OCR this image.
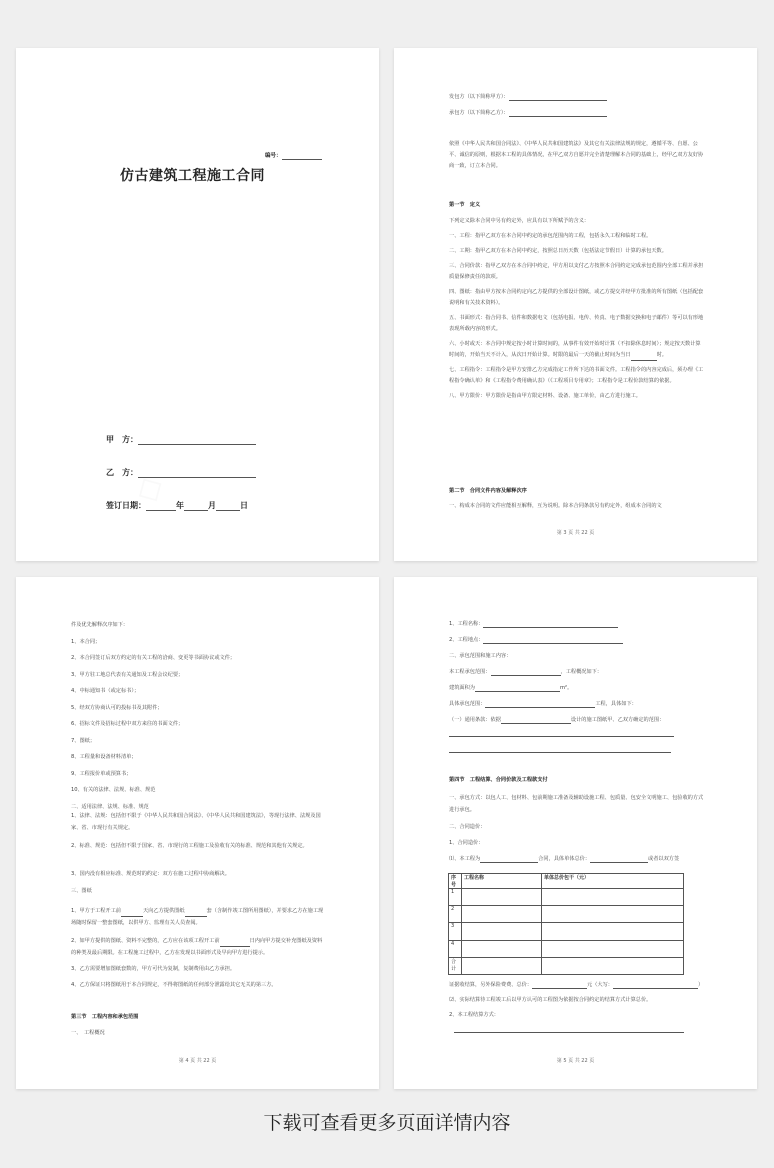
编号：
仿古建筑工程施工合同
甲　方：
乙　方：
签订日期：	年	月	日
发包方（以下简称甲方）：
承包方（以下简称乙方）：
依照《中华人民共和国合同法》、《中华人民共和国建筑法》及其它有关法律法规的规定，遵循平等、自愿、公平、诚信的原则，根据本工程的具体情况，在甲乙双方自愿并完全清楚理解本合同的基础上，经甲乙双方友好协商一致，订立本合同。
第一节　定义
下列定义除本合同中另有约定外，应具有以下所赋予的含义：
一、工程：指甲乙双方在本合同中约定的承包范围内的工程，包括永久工程和临时工程。
二、工期：指甲乙双方在本合同中约定，按照总日历天数（包括法定节假日）计算的承包天数。
三、合同价款：指甲乙双方在本合同中约定，甲方用以支付乙方按照本合同约定完成承包范围内全部工程并承担质量保修责任的款项。
四、图纸：指由甲方按本合同约定向乙方提供的全部设计图纸，或乙方提交并经甲方批准的所有图纸（包括配套说明和有关技术资料）。
五、书面形式：指合同书、信件和数据电文（包括电报、电传、传真、电子数据交换和电子邮件）等可以有形地表现所载内容的形式。
六、小时或天：本合同中规定按小时计算时间的，从事件有效开始时计算（不扣除休息时间）；规定按天数计算时间的，开始当天不计入，从次日开始计算。时限的最后一天的截止时间为当日	时。
七、工程指令：工程指令是甲方安排乙方完成指定工作所下达的书面文件。工程指令的内容完成后，须办理《工程指令确认单》和《工程指令费用确认表》（《工程项目专用章》；工程指令是工程价款结算的依据。
八、甲方限价：甲方限价是指由甲方限定材料、设备、施工单价，由乙方进行施工。
第二节　合同文件内容及解释次序
一、构成本合同的文件应能相互解释，互为说明。除本合同条款另有约定外，组成本合同的文
第 3 页 共 22 页
件及优先解释次序如下：
1、本合同；
2、本合同签订后双方约定的有关工程的洽商、变更等书面协议或文件；
3、甲方驻工地总代表有关通知及工程会议纪要；
4、中标通知书（或定标书）；
5、经双方协商认可的投标书及其附件；
6、招标文件及招标过程中双方来往的书面文件；
7、图纸；
8、工程量和设备材料清单；
9、工程报价单或预算书；
10、有关的法律、法规、标准、规范
二、适用法律、法规、标准、规范
1、法律、法规：包括但不限于《中华人民共和国合同法》、《中华人民共和国建筑法》，等现行法律、法规及国家、省、市现行有关规定。
2、标准、规范：包括但不限于国家、省、市现行的工程施工及验收有关的标准、规范和其他有关规定。
3、国内没有相应标准、规范时的约定：双方在施工过程中协商解决。
三、图纸
1、甲方于工程开工前	天向乙方提供图纸	套（含制作竣工图所用图纸），并要求乙方在施工现场随时保留一整套图纸，以供甲方、监理有关人员查阅。
2、如甲方提供的图纸、资料不完整的，乙方应在该项工程开工前	日内向甲方提交补充图纸及资料的种类及最后期限。在工程施工过程中，乙方在发现以书面形式及早向甲方进行提示。
3、乙方需要增加图纸套数的，甲方可代为复制，复制费用由乙方承担。
4、乙方保证只将图纸用于本合同规定，不得将图纸的任何部分泄露给其它无关的第三方。
第三节　工程内容和承包范围
一、　工程概况
第 4 页 共 22 页
1、工程名称：
2、工程地点：
二、承包范围和施工内容：
本工程承包范围：	，工程概况如下：
建筑面积为	m²。
具体承包范围：	工程，具体如下：
（一）通用条款：依据	设计的施工图纸甲、乙双方确定的范围：
第四节　工程结算、合同价款及工程款支付
一、承包方式：以包人工、包材料、包前期施工准备及辅助设施工程、包质量、包安全文明施工、包验收的方式进行承包。
二、合同造价：
1、合同造价：
⑴、本工程为	合同，具体单体总价：	或者以双方签
序号	工程名称	单体总价包干（元）
1		
2		
3		
4		
合计		
证据收结算，另外保险费费、总价：	元（大写：	）
⑵、实际结算待工程竣工后以甲方认可的工程图为依据按合同约定的结算方式计算总价。
2、本工程结算方式：
第 5 页 共 22 页
下载可查看更多页面详情内容
